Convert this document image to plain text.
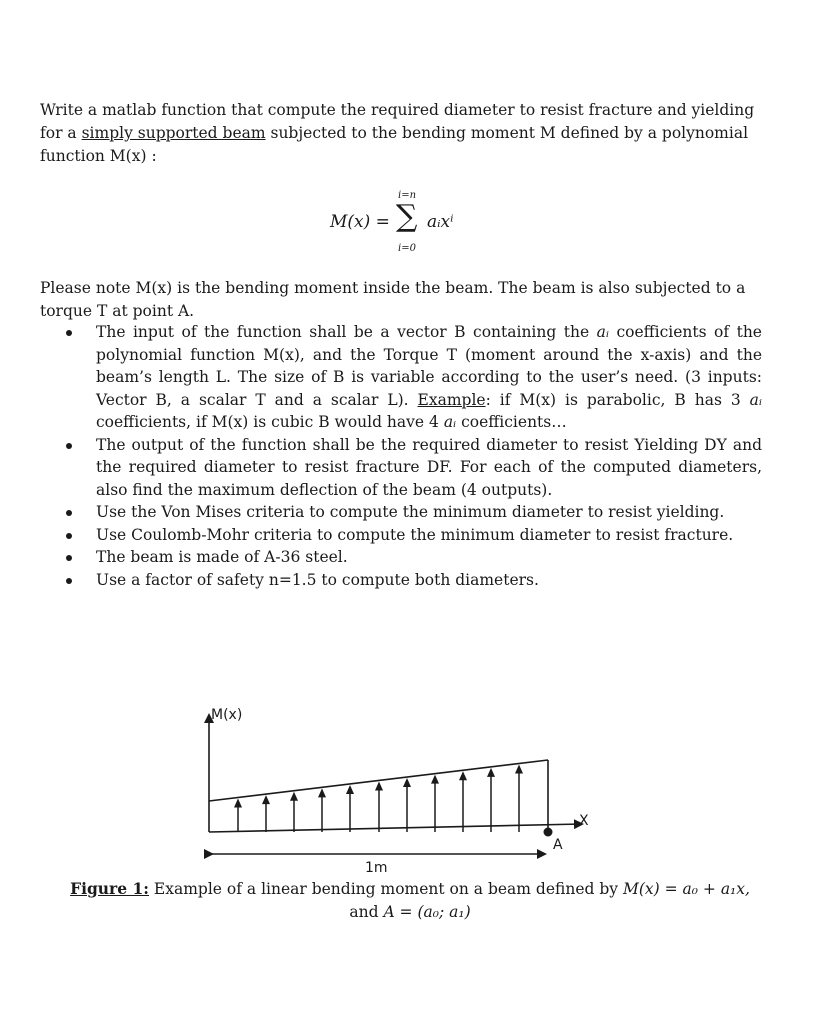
Write a matlab function that compute the required diameter to resist fracture and yielding for a simply supported beam subjected to the bending moment M defined by a polynomial function M(x) :

M(x) =
i=n
∑
i=0
aᵢxⁱ

Please note M(x) is the bending moment inside the beam. The beam is also subjected to a torque T at point A.

The input of the function shall be a vector B containing the aᵢ coefficients of the polynomial function M(x), and the Torque T (moment around the x-axis) and the beam’s length L. The size of B is variable according to the user’s need. (3 inputs: Vector B, a scalar T and a scalar L). Example: if M(x) is parabolic, B has 3 aᵢ coefficients, if M(x) is cubic B would have 4 aᵢ coefficients…
The output of the function shall be the required diameter to resist Yielding DY and the required diameter to resist fracture DF. For each of the computed diameters, also find the maximum deflection of the beam (4 outputs).
Use the Von Mises criteria to compute the minimum diameter to resist yielding.
Use Coulomb-Mohr criteria to compute the minimum diameter to resist fracture.
The beam is made of A-36 steel.
Use a factor of safety n=1.5 to compute both diameters.
M(x)
X
A
1m
Figure 1: Example of a linear bending moment on a beam defined by M(x) = a₀ + a₁x,
and A = (a₀; a₁)
